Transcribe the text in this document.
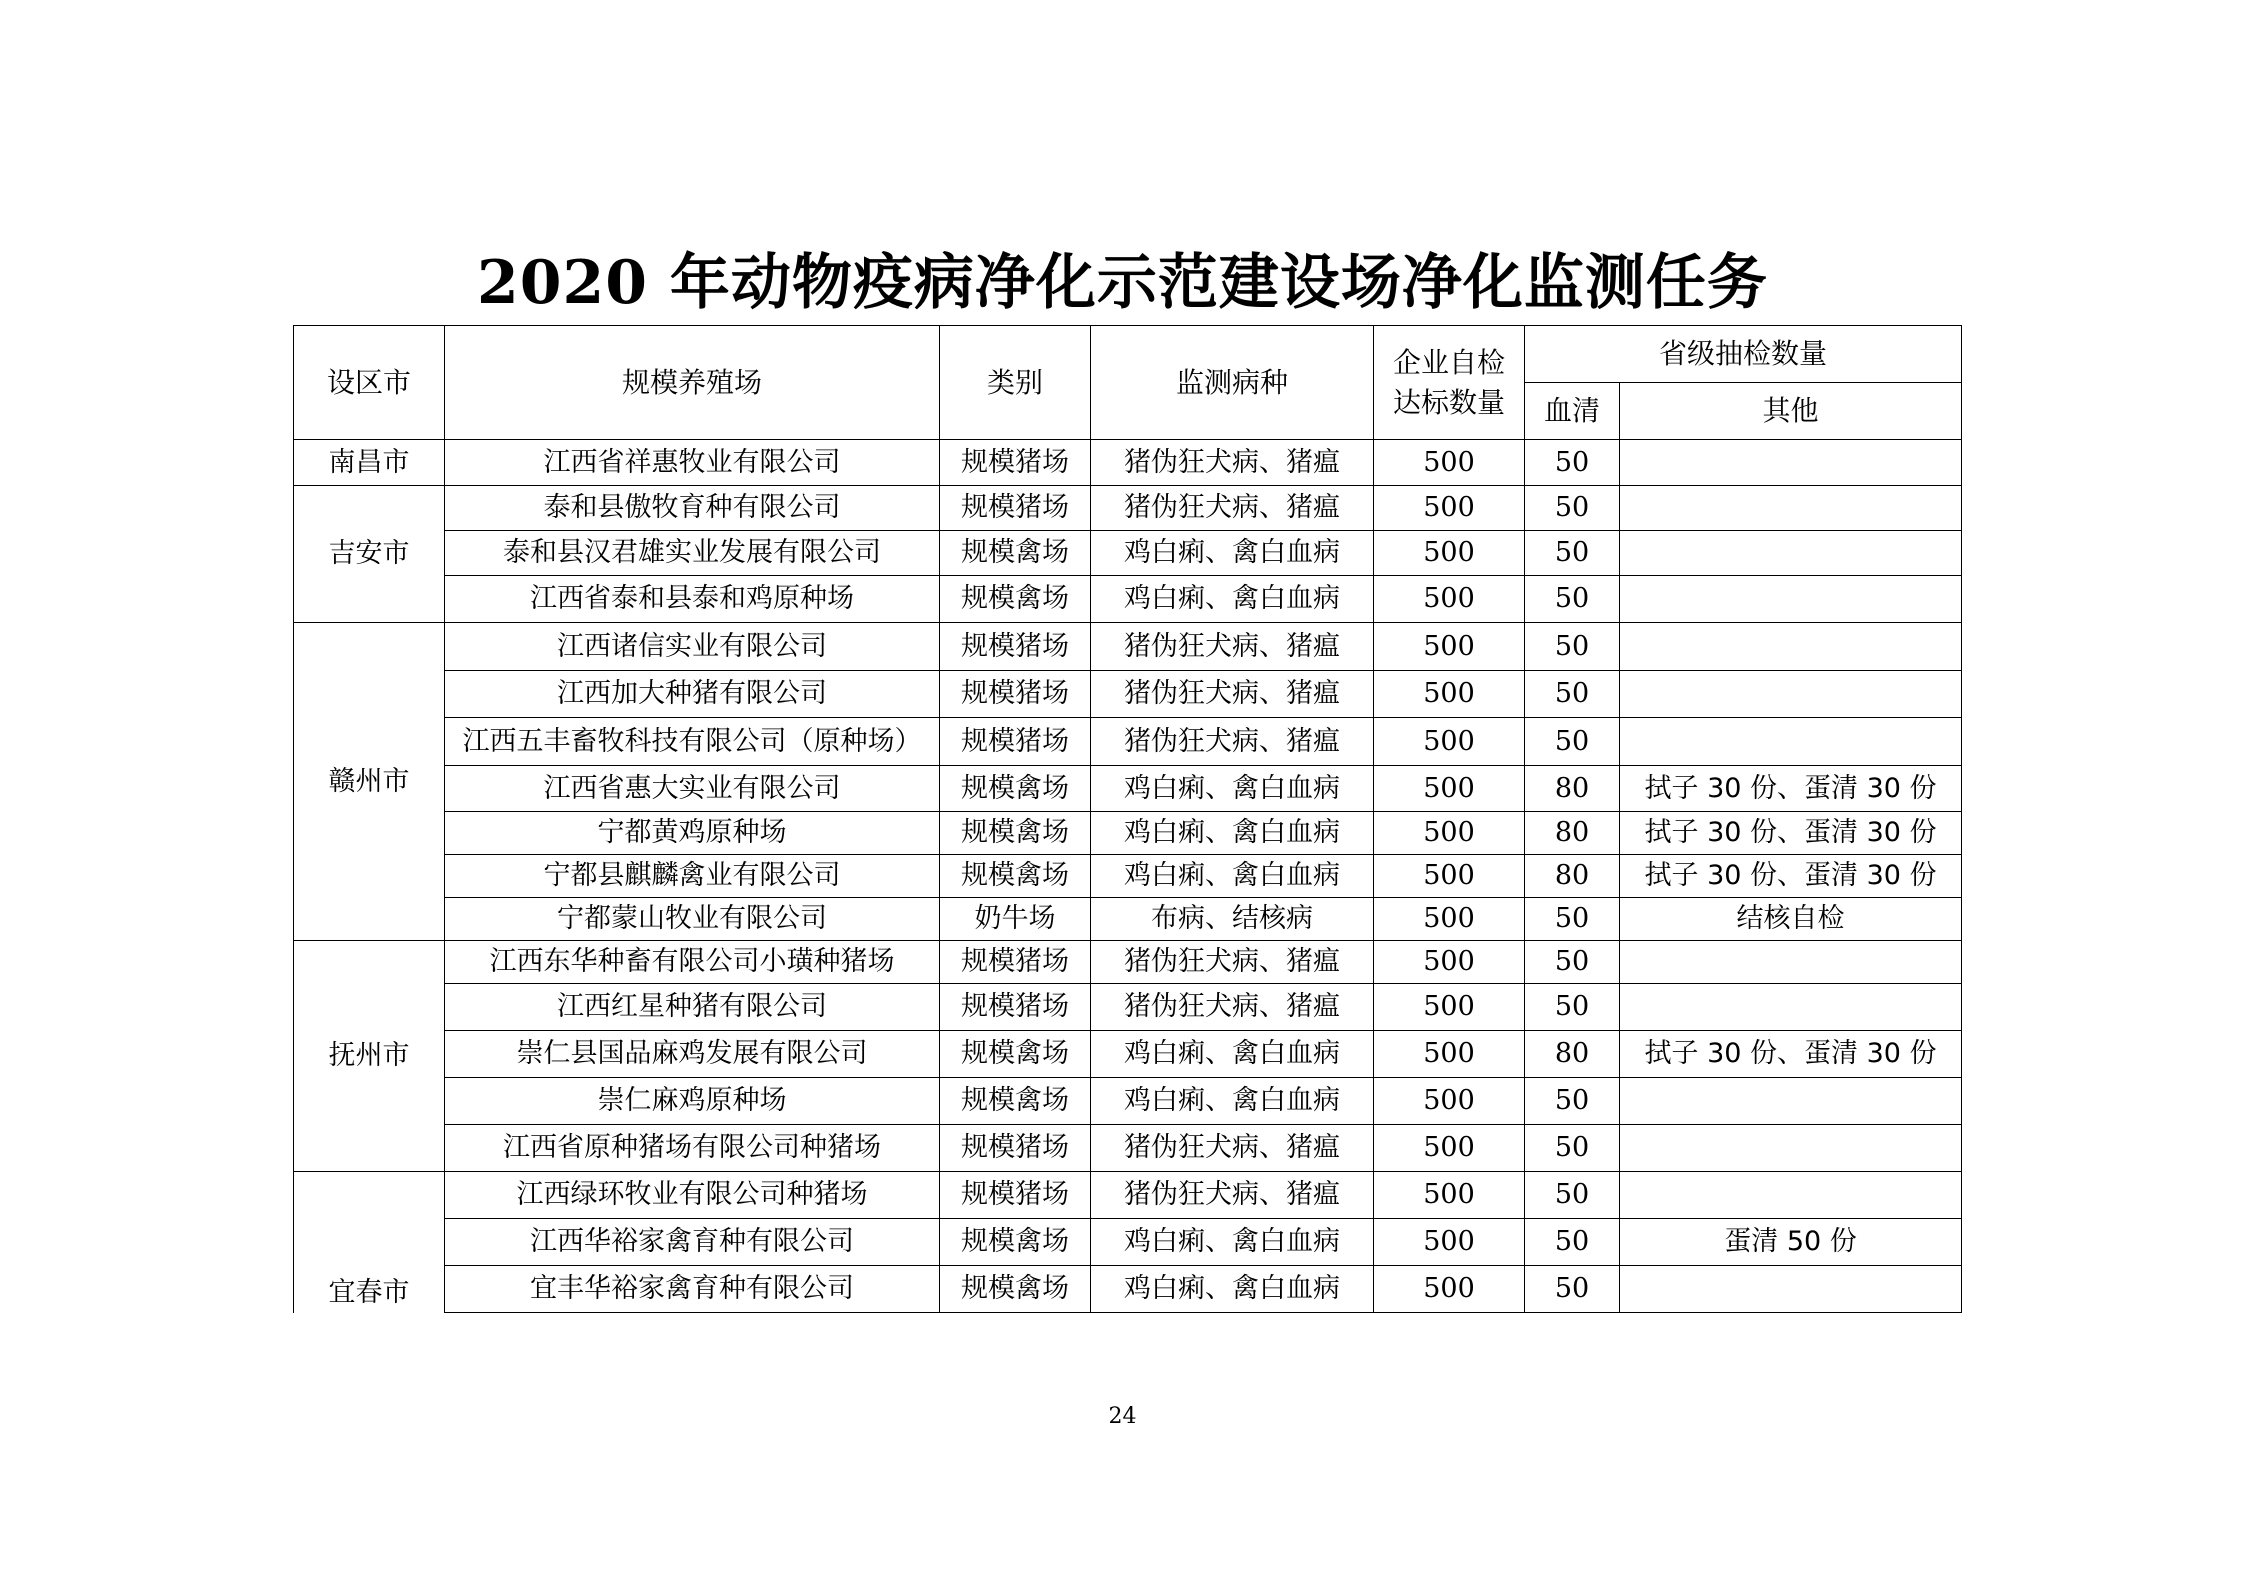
2020 年动物疫病净化示范建设场净化监测任务
设区市	规模养殖场	类别	监测病种	企业自检达标数量	省级抽检数量	
					血清	其他
南昌市	江西省祥惠牧业有限公司	规模猪场	猪伪狂犬病、猪瘟	500	50	
吉安市	泰和县傲牧育种有限公司	规模猪场	猪伪狂犬病、猪瘟	500	50	
	泰和县汉君雄实业发展有限公司	规模禽场	鸡白痢、禽白血病	500	50	
	江西省泰和县泰和鸡原种场	规模禽场	鸡白痢、禽白血病	500	50	
赣州市	江西诸信实业有限公司	规模猪场	猪伪狂犬病、猪瘟	500	50	
	江西加大种猪有限公司	规模猪场	猪伪狂犬病、猪瘟	500	50	
	江西五丰畜牧科技有限公司（原种场）	规模猪场	猪伪狂犬病、猪瘟	500	50	
	江西省惠大实业有限公司	规模禽场	鸡白痢、禽白血病	500	80	拭子 30 份、蛋清 30 份
	宁都黄鸡原种场	规模禽场	鸡白痢、禽白血病	500	80	拭子 30 份、蛋清 30 份
	宁都县麒麟禽业有限公司	规模禽场	鸡白痢、禽白血病	500	80	拭子 30 份、蛋清 30 份
	宁都蒙山牧业有限公司	奶牛场	布病、结核病	500	50	结核自检
抚州市	江西东华种畜有限公司小璜种猪场	规模猪场	猪伪狂犬病、猪瘟	500	50	
	江西红星种猪有限公司	规模猪场	猪伪狂犬病、猪瘟	500	50	
	崇仁县国品麻鸡发展有限公司	规模禽场	鸡白痢、禽白血病	500	80	拭子 30 份、蛋清 30 份
	崇仁麻鸡原种场	规模禽场	鸡白痢、禽白血病	500	50	
	江西省原种猪场有限公司种猪场	规模猪场	猪伪狂犬病、猪瘟	500	50	
宜春市	江西绿环牧业有限公司种猪场	规模猪场	猪伪狂犬病、猪瘟	500	50	
	江西华裕家禽育种有限公司	规模禽场	鸡白痢、禽白血病	500	50	蛋清 50 份
	宜丰华裕家禽育种有限公司	规模禽场	鸡白痢、禽白血病	500	50	
24
